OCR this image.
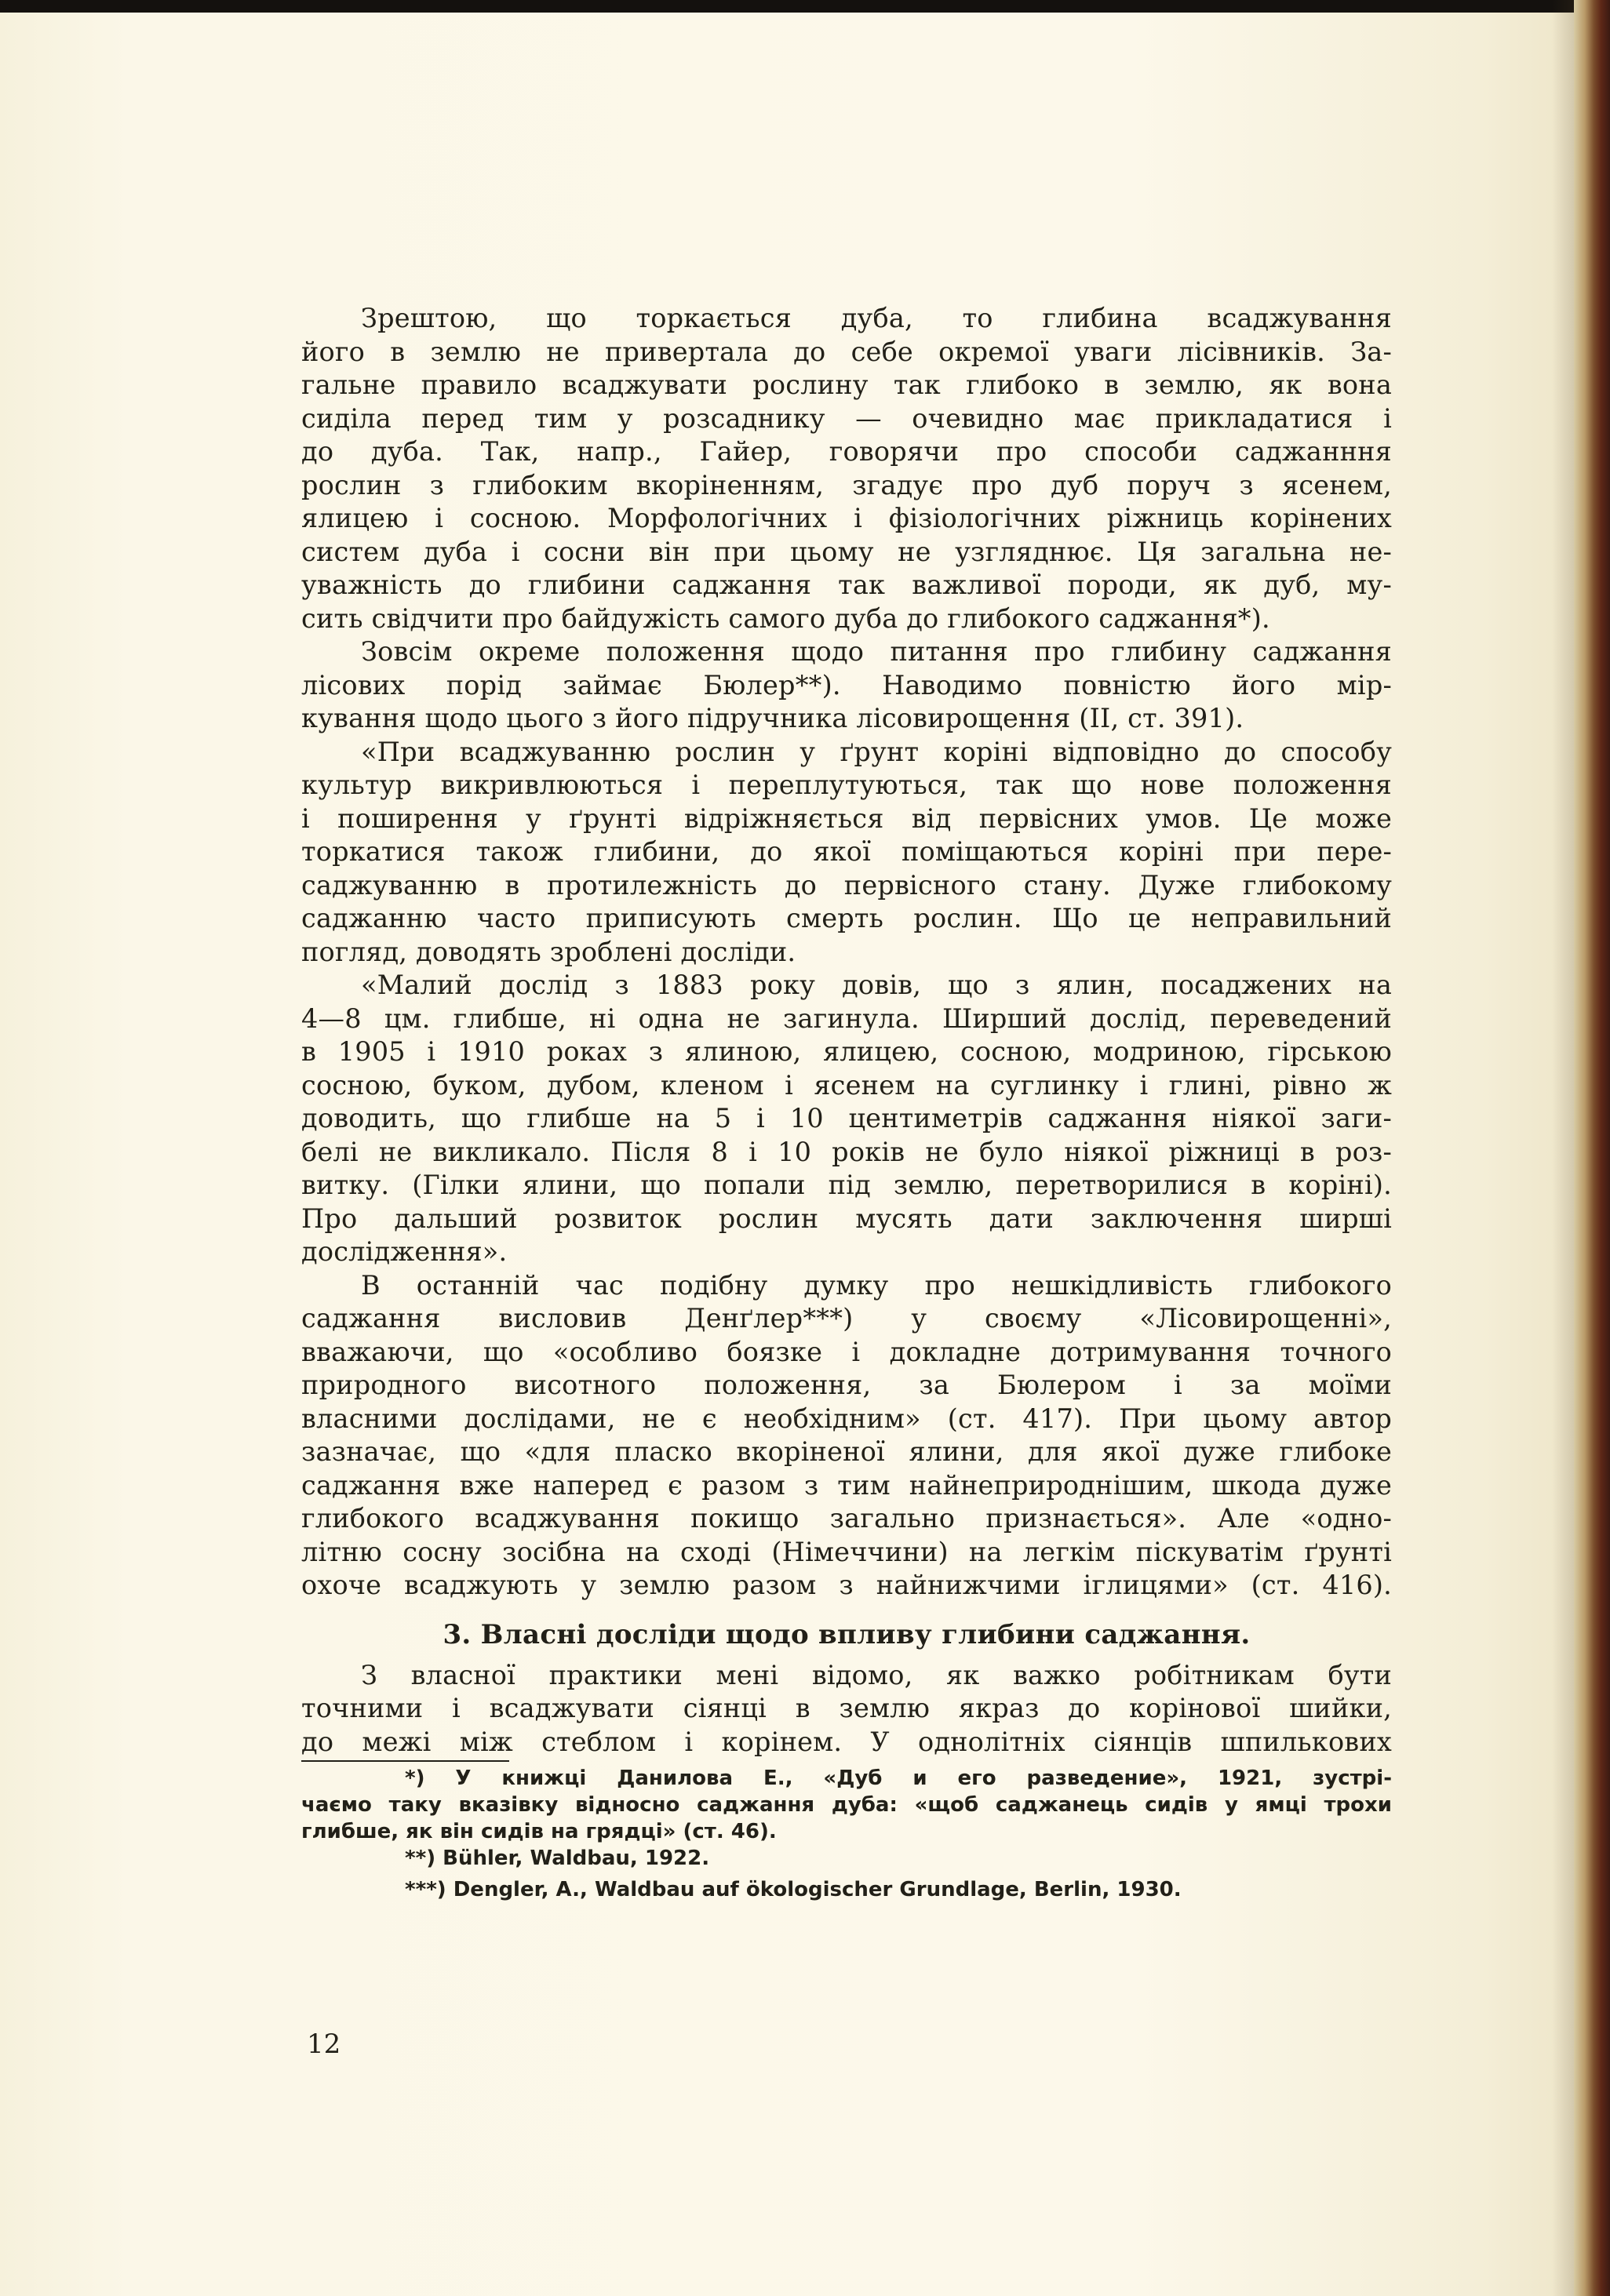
Зрештою, що торкається дуба, то глибина всаджування
його в землю не привертала до себе окремої уваги лісівників. За-
гальне правило всаджувати рослину так глибоко в землю, як вона
сиділа перед тим у розсаднику — очевидно має прикладатися і
до дуба. Так, напр., Гайер, говорячи про способи саджанння
рослин з глибоким вкоріненням, згадує про дуб поруч з ясенем,
ялицею і сосною. Морфологічних і фізіологічних ріжниць корінених
систем дуба і сосни він при цьому не узгляднює. Ця загальна не-
уважність до глибини саджання так важливої породи, як дуб, му-
сить свідчити про байдужість самого дуба до глибокого саджання*).
Зовсім окреме положення щодо питання про глибину саджання
лісових порід займає Бюлер**). Наводимо повністю його мір-
кування щодо цього з його підручника лісовирощення (II, ст. 391).
«При всаджуванню рослин у ґрунт коріні відповідно до способу
культур викривлюються і переплутуються, так що нове положення
і поширення у ґрунті відріжняється від первісних умов. Це може
торкатися також глибини, до якої поміщаються коріні при пере-
саджуванню в протилежність до первісного стану. Дуже глибокому
саджанню часто приписують смерть рослин. Що це неправильний
погляд, доводять зроблені досліди.
«Малий дослід з 1883 року довів, що з ялин, посаджених на
4—8 цм. глибше, ні одна не загинула. Ширший дослід, переведений
в 1905 і 1910 роках з ялиною, ялицею, сосною, модриною, гірською
сосною, буком, дубом, кленом і ясенем на суглинку і глині, рівно ж
доводить, що глибше на 5 і 10 центиметрів саджання ніякої заги-
белі не викликало. Після 8 і 10 років не було ніякої ріжниці в роз-
витку. (Гілки ялини, що попали під землю, перетворилися в коріні).
Про дальший розвиток рослин мусять дати заключення ширші
дослідження».
В останній час подібну думку про нешкідливість глибокого
саджання висловив Денґлер***) у своєму «Лісовирощенні»,
вважаючи, що «особливо боязке і докладне дотримування точного
природного висотного положення, за Бюлером і за моїми
власними дослідами, не є необхідним» (ст. 417). При цьому автор
зазначає, що «для пласко вкоріненої ялини, для якої дуже глибоке
саджання вже наперед є разом з тим найнеприроднішим, шкода дуже
глибокого всаджування покищо загально признається». Але «одно-
літню сосну зосібна на сході (Німеччини) на легкім піскуватім ґрунті
охоче всаджують у землю разом з найнижчими іглицями» (ст. 416).
3. Власні досліди щодо впливу глибини саджання.
З власної практики мені відомо, як важко робітникам бути
точними і всаджувати сіянці в землю якраз до корінової шийки,
до межі між стеблом і корінем. У однолітніх сіянців шпилькових
*) У книжці Данилова Е., «Дуб и его разведение», 1921, зустрі-
чаємо таку вказівку відносно саджання дуба: «щоб саджанець сидів у ямці трохи
глибше, як він сидів на грядці» (ст. 46).
**) Bühler, Waldbau, 1922.
***) Dengler, A., Waldbau auf ökologischer Grundlage, Berlin, 1930.
12
